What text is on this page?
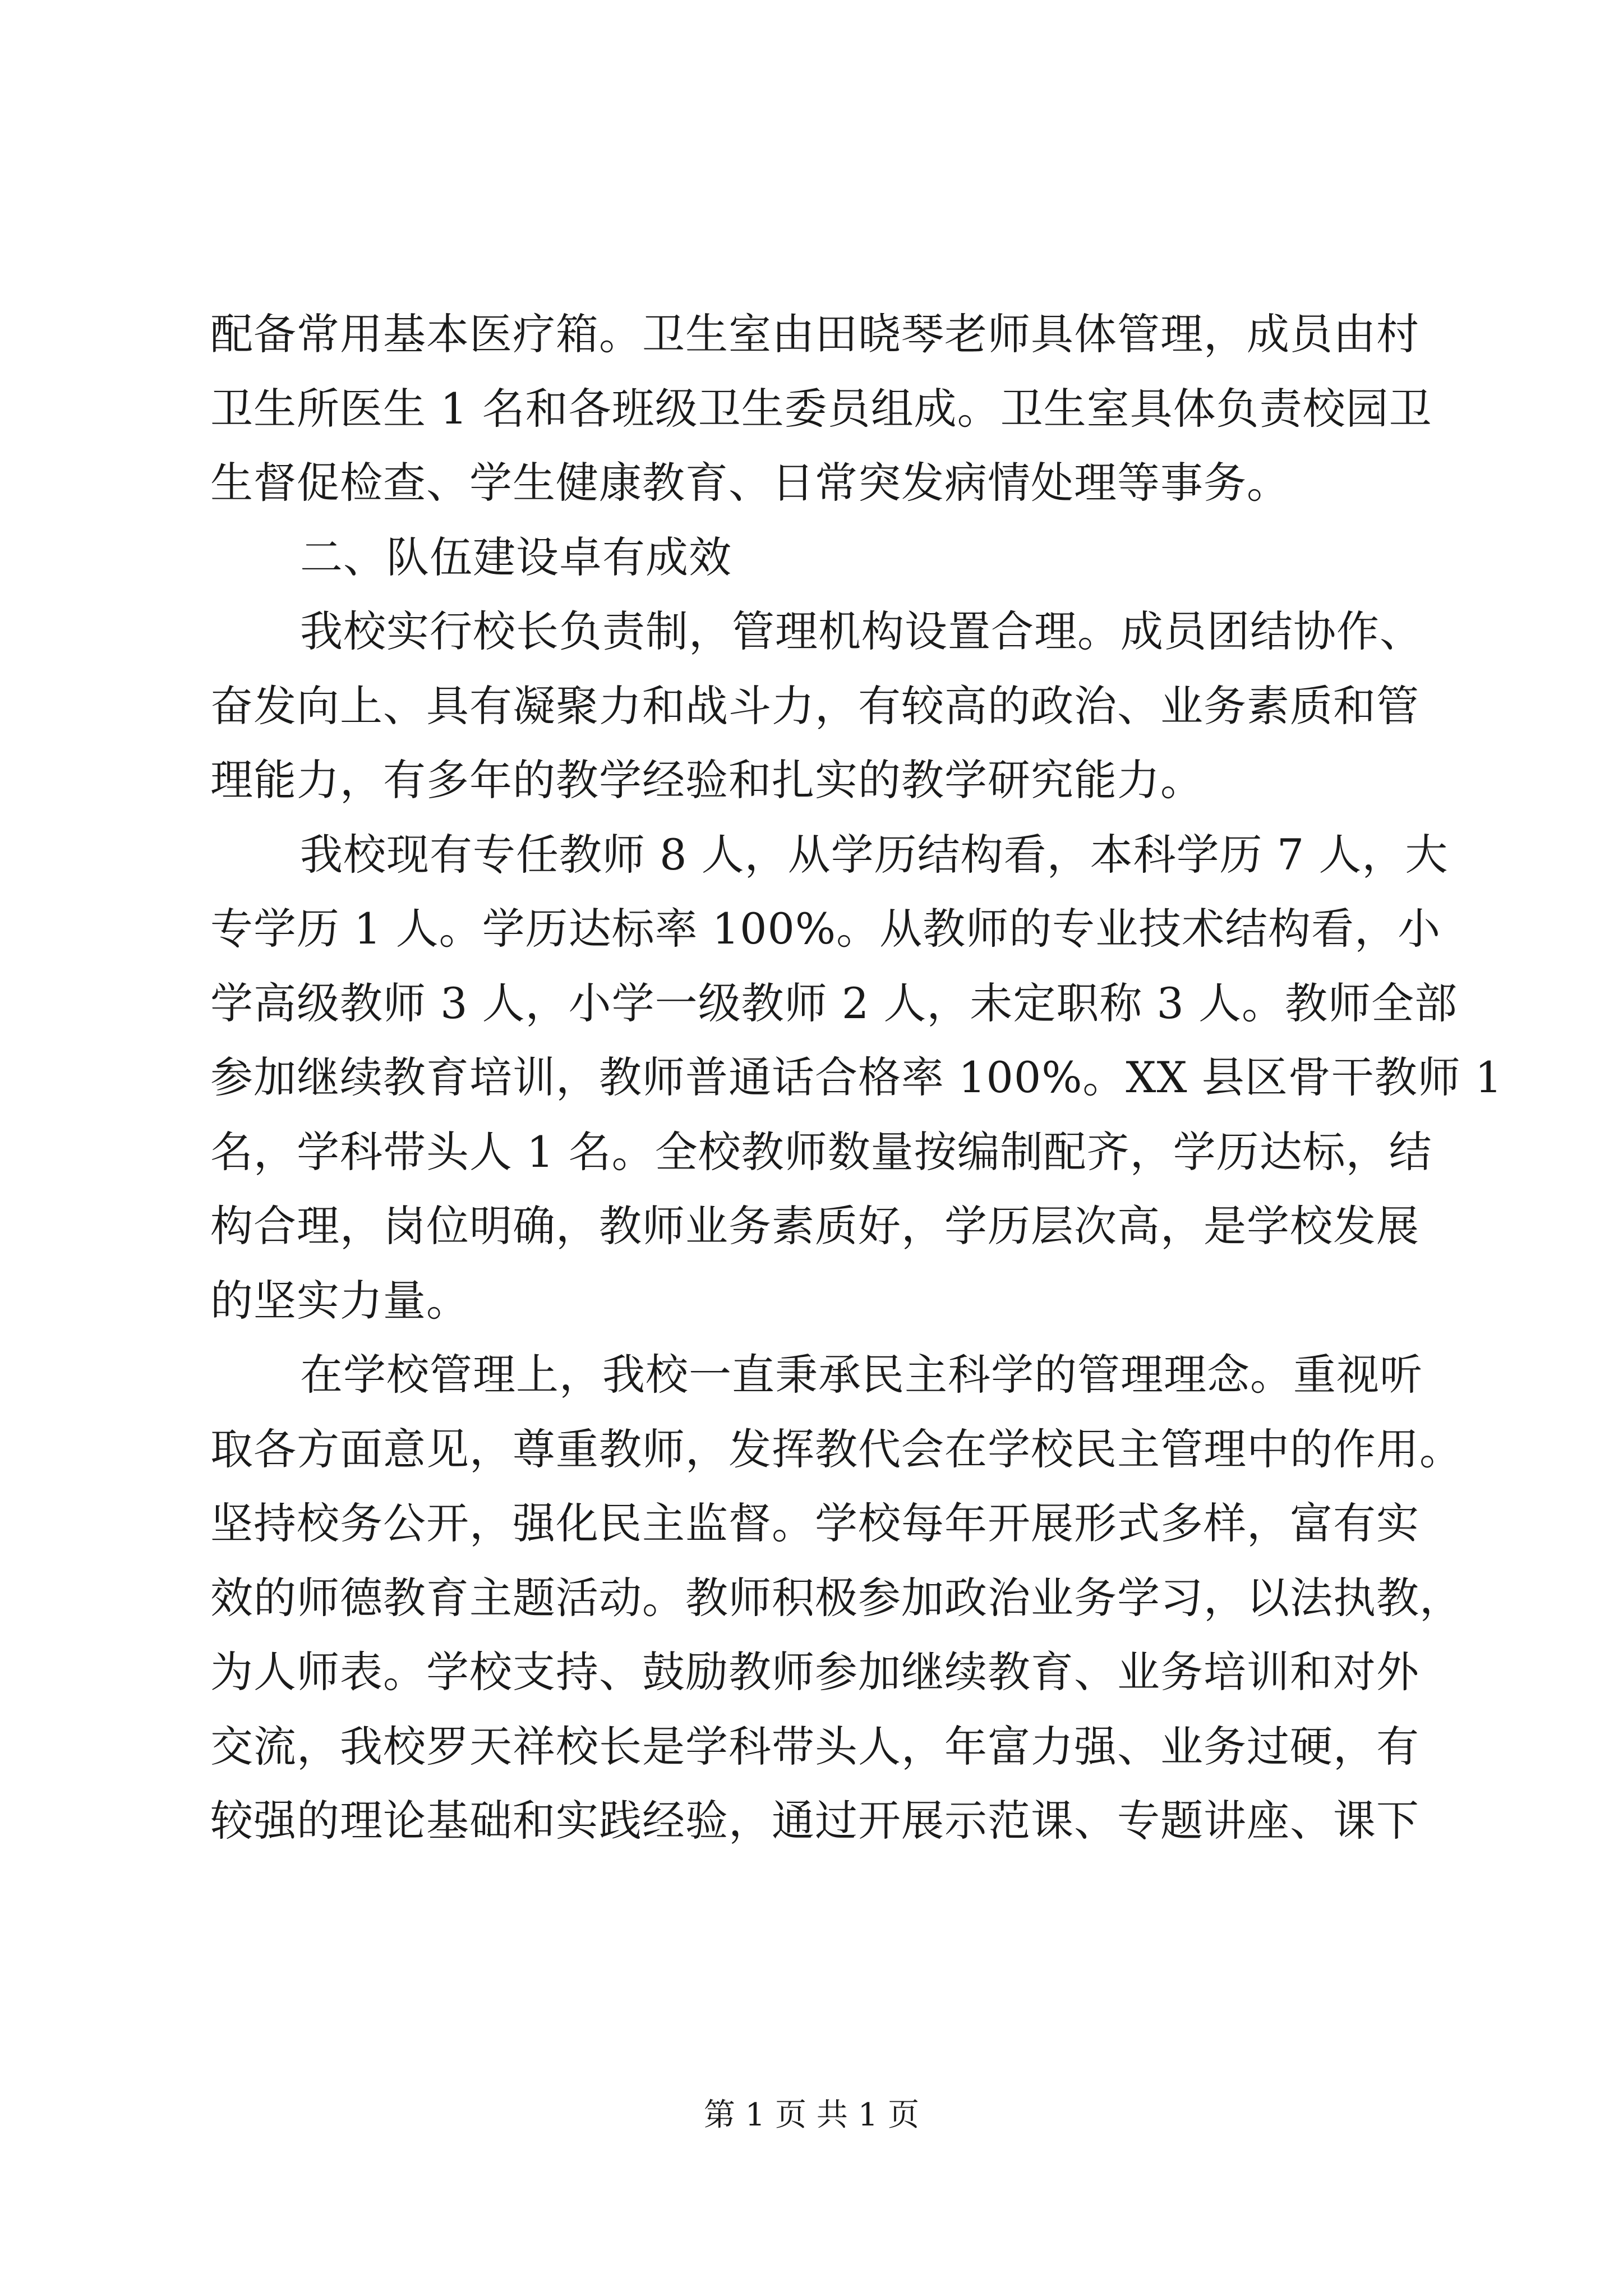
配备常用基本医疗箱。卫生室由田晓琴老师具体管理，成员由村
卫生所医生 1 名和各班级卫生委员组成。卫生室具体负责校园卫
生督促检查、学生健康教育、日常突发病情处理等事务。
二、队伍建设卓有成效
我校实行校长负责制，管理机构设置合理。成员团结协作、
奋发向上、具有凝聚力和战斗力，有较高的政治、业务素质和管
理能力，有多年的教学经验和扎实的教学研究能力。
我校现有专任教师 8 人，从学历结构看，本科学历 7 人，大
专学历 1 人。学历达标率 100%。从教师的专业技术结构看，小
学高级教师 3 人，小学一级教师 2 人，未定职称 3 人。教师全部
参加继续教育培训，教师普通话合格率 100%。XX 县区骨干教师 1
名，学科带头人 1 名。全校教师数量按编制配齐，学历达标，结
构合理，岗位明确，教师业务素质好，学历层次高，是学校发展
的坚实力量。
在学校管理上，我校一直秉承民主科学的管理理念。重视听
取各方面意见，尊重教师，发挥教代会在学校民主管理中的作用。
坚持校务公开，强化民主监督。学校每年开展形式多样，富有实
效的师德教育主题活动。教师积极参加政治业务学习，以法执教，
为人师表。学校支持、鼓励教师参加继续教育、业务培训和对外
交流，我校罗天祥校长是学科带头人，年富力强、业务过硬，有
较强的理论基础和实践经验，通过开展示范课、专题讲座、课下
第 1 页 共 1 页
